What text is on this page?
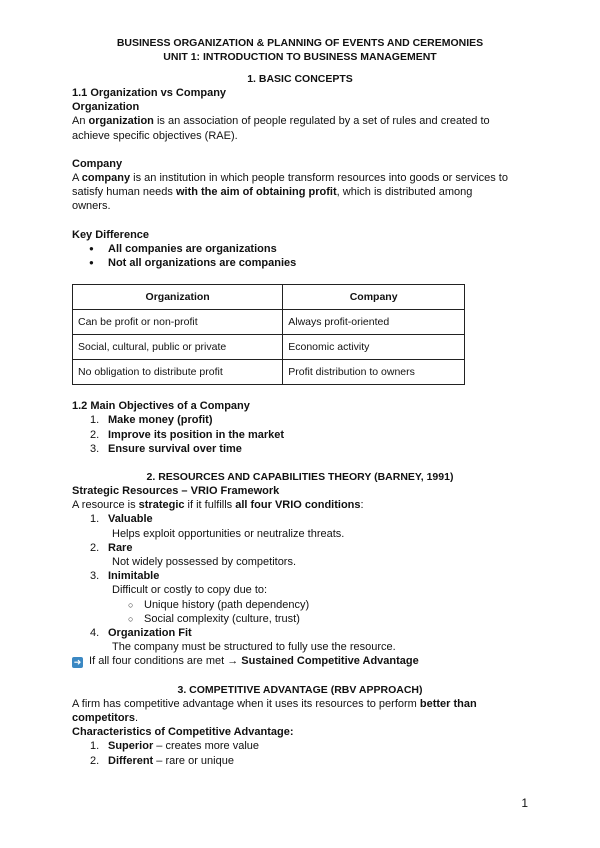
BUSINESS ORGANIZATION & PLANNING OF EVENTS AND CEREMONIES
UNIT 1: INTRODUCTION TO BUSINESS MANAGEMENT
1. BASIC CONCEPTS
1.1 Organization vs Company
Organization
An organization is an association of people regulated by a set of rules and created to
achieve specific objectives (RAE).
Company
A company is an institution in which people transform resources into goods or services to
satisfy human needs with the aim of obtaining profit, which is distributed among
owners.
Key Difference
● All companies are organizations
● Not all organizations are companies
Organization	Company
Can be profit or non-profit	Always profit-oriented
Social, cultural, public or private	Economic activity
No obligation to distribute profit	Profit distribution to owners
1.2 Main Objectives of a Company
1. Make money (profit)
2. Improve its position in the market
3. Ensure survival over time
2. RESOURCES AND CAPABILITIES THEORY (BARNEY, 1991)
Strategic Resources – VRIO Framework
A resource is strategic if it fulfills all four VRIO conditions:
1. Valuable
Helps exploit opportunities or neutralize threats.
2. Rare
Not widely possessed by competitors.
3. Inimitable
Difficult or costly to copy due to:
○ Unique history (path dependency)
○ Social complexity (culture, trust)
4. Organization Fit
The company must be structured to fully use the resource.
➜ If all four conditions are met → Sustained Competitive Advantage
3. COMPETITIVE ADVANTAGE (RBV APPROACH)
A firm has competitive advantage when it uses its resources to perform better than
competitors.
Characteristics of Competitive Advantage:
1. Superior – creates more value
2. Different – rare or unique
1
